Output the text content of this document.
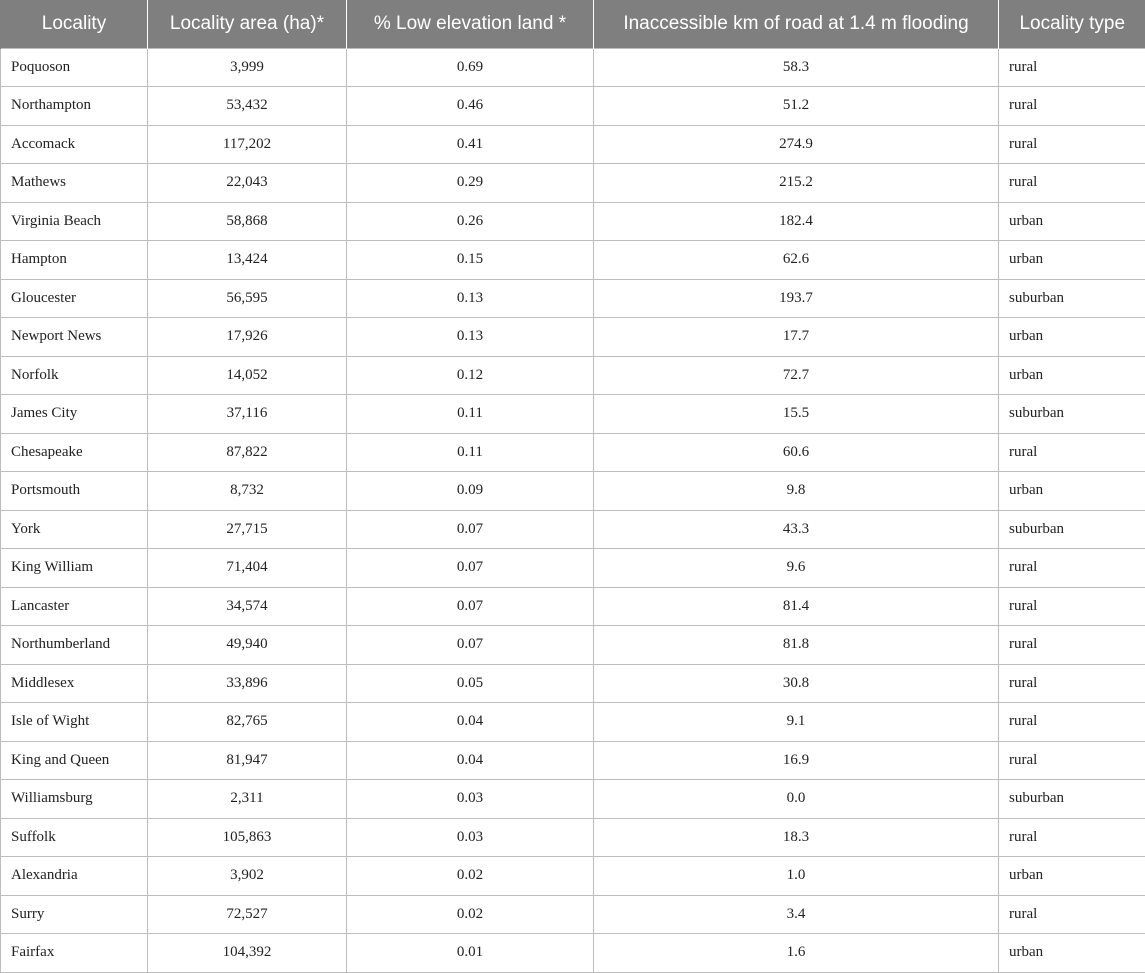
Locality	Locality area (ha)*	% Low elevation land *	Inaccessible km of road at 1.4 m flooding	Locality type
Poquoson	3,999	0.69	58.3	rural
Northampton	53,432	0.46	51.2	rural
Accomack	117,202	0.41	274.9	rural
Mathews	22,043	0.29	215.2	rural
Virginia Beach	58,868	0.26	182.4	urban
Hampton	13,424	0.15	62.6	urban
Gloucester	56,595	0.13	193.7	suburban
Newport News	17,926	0.13	17.7	urban
Norfolk	14,052	0.12	72.7	urban
James City	37,116	0.11	15.5	suburban
Chesapeake	87,822	0.11	60.6	rural
Portsmouth	8,732	0.09	9.8	urban
York	27,715	0.07	43.3	suburban
King William	71,404	0.07	9.6	rural
Lancaster	34,574	0.07	81.4	rural
Northumberland	49,940	0.07	81.8	rural
Middlesex	33,896	0.05	30.8	rural
Isle of Wight	82,765	0.04	9.1	rural
King and Queen	81,947	0.04	16.9	rural
Williamsburg	2,311	0.03	0.0	suburban
Suffolk	105,863	0.03	18.3	rural
Alexandria	3,902	0.02	1.0	urban
Surry	72,527	0.02	3.4	rural
Fairfax	104,392	0.01	1.6	urban
